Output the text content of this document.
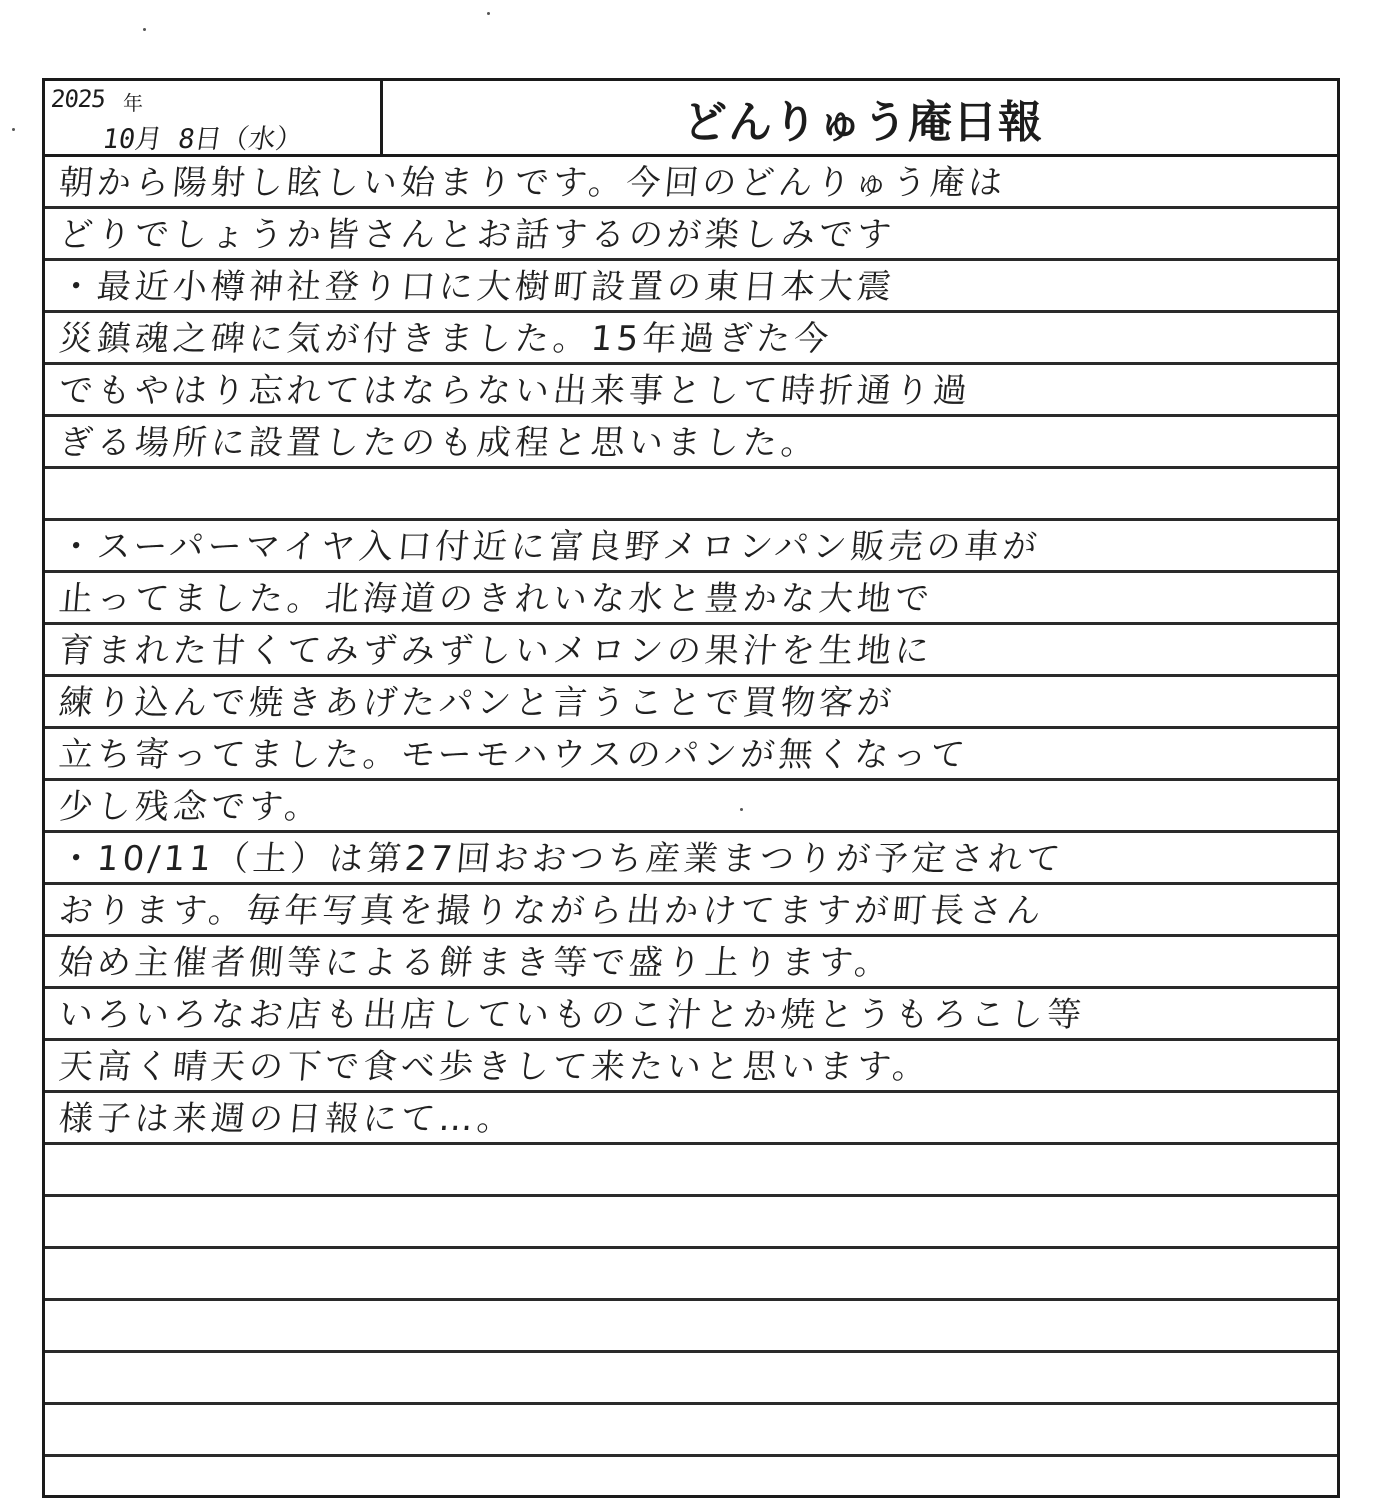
2025 年
10月 8日（水）	どんりゅう庵日報
朝から陽射し眩しい始まりです。今回のどんりゅう庵は
どりでしょうか皆さんとお話するのが楽しみです
・最近小樽神社登り口に大樹町設置の東日本大震
災鎮魂之碑に気が付きました。15年過ぎた今
でもやはり忘れてはならない出来事として時折通り過
ぎる場所に設置したのも成程と思いました。
・スーパーマイヤ入口付近に富良野メロンパン販売の車が
止ってました。北海道のきれいな水と豊かな大地で
育まれた甘くてみずみずしいメロンの果汁を生地に
練り込んで焼きあげたパンと言うことで買物客が
立ち寄ってました。モーモハウスのパンが無くなって
少し残念です。
・10/11（土）は第27回おおつち産業まつりが予定されて
おります。毎年写真を撮りながら出かけてますが町長さん
始め主催者側等による餅まき等で盛り上ります。
いろいろなお店も出店していものこ汁とか焼とうもろこし等
天高く晴天の下で食べ歩きして来たいと思います。
様子は来週の日報にて…。
